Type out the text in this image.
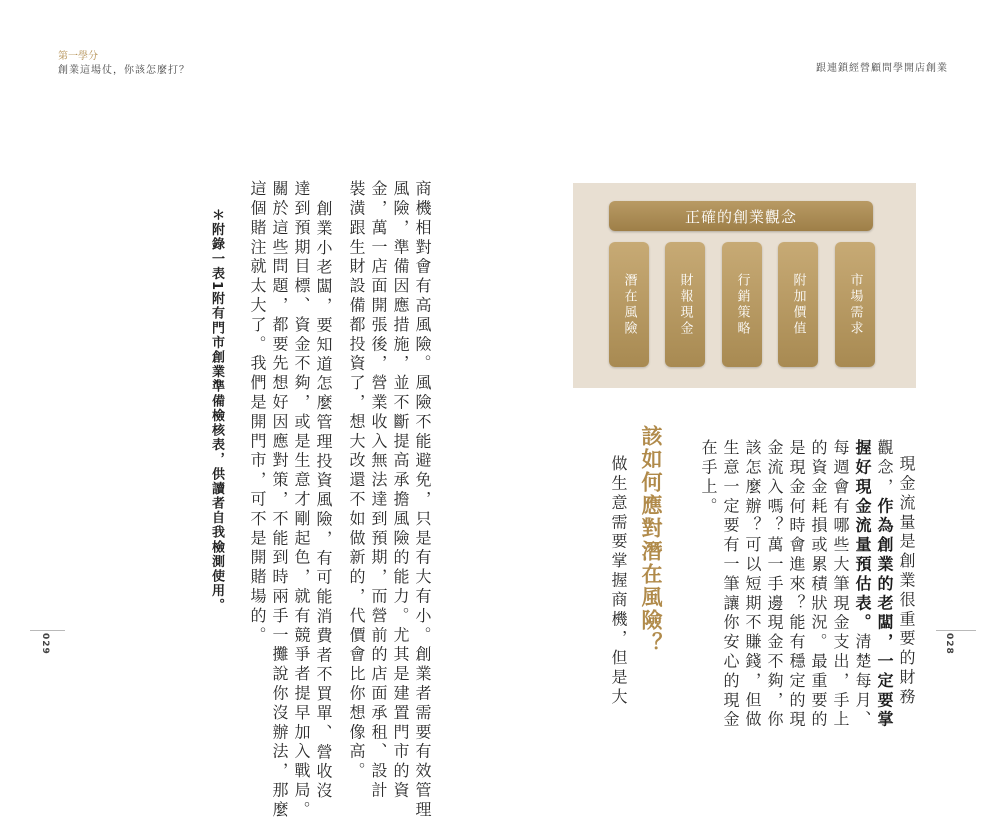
第一學分
創業這場仗，你該怎麼打？	跟連鎖經營顧問學開店創業
正確的創業觀念
市場需求
附加價值
行銷策略
財報現金
潛在風險
現金流量是創業很重要的財務
觀念，作為創業的老闆，一定要掌
握好現金流量預估表。清楚每月、
每週會有哪些大筆現金支出，手上
的資金耗損或累積狀況。最重要的
是現金何時會進來？能有穩定的現
金流入嗎？萬一手邊現金不夠，你
該怎麼辦？可以短期不賺錢，但做
生意一定要有一筆讓你安心的現金
在手上。
該如何應對潛在風險？
做生意需要掌握商機，但是大
商機相對會有高風險。風險不能避免，只是有大有小。創業者需要有效管理
風險，準備因應措施，並不斷提高承擔風險的能力。尤其是建置門市的資
金，萬一店面開張後，營業收入無法達到預期，而營前的店面承租、設計
裝潢跟生財設備都投資了，想大改還不如做新的，代價會比你想像高。
創業小老闆，要知道怎麼管理投資風險，有可能消費者不買單、營收沒
達到預期目標、資金不夠，或是生意才剛起色，就有競爭者提早加入戰局。
關於這些問題，都要先想好因應對策，不能到時兩手一攤說你沒辦法，那麼
這個賭注就太大了。我們是開門市，可不是開賭場的。
＊附錄一表1附有門市創業準備檢核表，供讀者自我檢測使用。
029	028
